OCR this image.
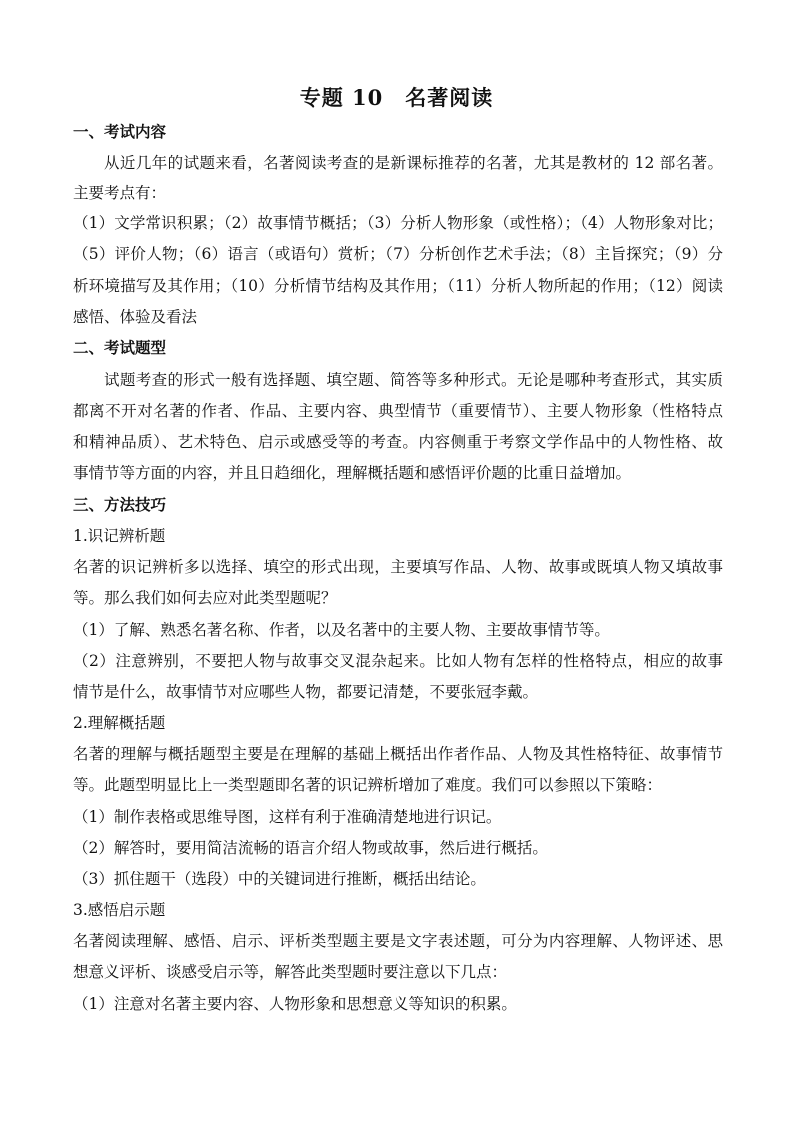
专题 10　名著阅读
一、考试内容
从近几年的试题来看，名著阅读考查的是新课标推荐的名著，尤其是教材的 12 部名著。
主要考点有：
（1）文学常识积累；（2）故事情节概括；（3）分析人物形象（或性格）；（4）人物形象对比；
（5）评价人物；（6）语言（或语句）赏析；（7）分析创作艺术手法；（8）主旨探究；（9）分
析环境描写及其作用；（10）分析情节结构及其作用；（11）分析人物所起的作用；（12）阅读
感悟、体验及看法
二、考试题型
试题考查的形式一般有选择题、填空题、简答等多种形式。无论是哪种考查形式，其实质
都离不开对名著的作者、作品、主要内容、典型情节（重要情节）、主要人物形象（性格特点
和精神品质）、艺术特色、启示或感受等的考查。内容侧重于考察文学作品中的人物性格、故
事情节等方面的内容，并且日趋细化，理解概括题和感悟评价题的比重日益增加。
三、方法技巧
1.识记辨析题
名著的识记辨析多以选择、填空的形式出现，主要填写作品、人物、故事或既填人物又填故事
等。那么我们如何去应对此类型题呢？
（1）了解、熟悉名著名称、作者，以及名著中的主要人物、主要故事情节等。
（2）注意辨别，不要把人物与故事交叉混杂起来。比如人物有怎样的性格特点，相应的故事
情节是什么，故事情节对应哪些人物，都要记清楚，不要张冠李戴。
2.理解概括题
名著的理解与概括题型主要是在理解的基础上概括出作者作品、人物及其性格特征、故事情节
等。此题型明显比上一类型题即名著的识记辨析增加了难度。我们可以参照以下策略：
（1）制作表格或思维导图，这样有利于准确清楚地进行识记。
（2）解答时，要用简洁流畅的语言介绍人物或故事，然后进行概括。
（3）抓住题干（选段）中的关键词进行推断，概括出结论。
3.感悟启示题
名著阅读理解、感悟、启示、评析类型题主要是文字表述题，可分为内容理解、人物评述、思
想意义评析、谈感受启示等，解答此类型题时要注意以下几点：
（1）注意对名著主要内容、人物形象和思想意义等知识的积累。
